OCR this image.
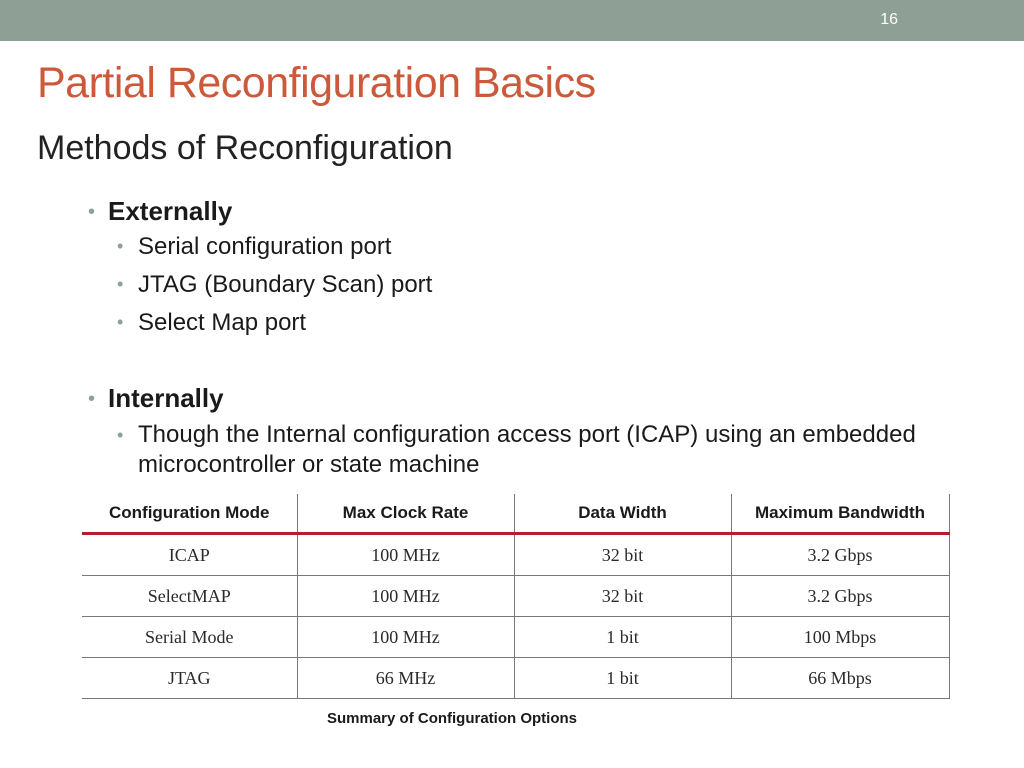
16
Partial Reconfiguration Basics
Methods of Reconfiguration
• Externally
• Serial configuration port
• JTAG (Boundary Scan) port
• Select Map port
• Internally
• Though the Internal configuration access port (ICAP) using an embedded microcontroller or state machine
Configuration Mode	Max Clock Rate	Data Width	Maximum Bandwidth
ICAP	100 MHz	32 bit	3.2 Gbps
SelectMAP	100 MHz	32 bit	3.2 Gbps
Serial Mode	100 MHz	1 bit	100 Mbps
JTAG	66 MHz	1 bit	66 Mbps
Summary of Configuration Options
